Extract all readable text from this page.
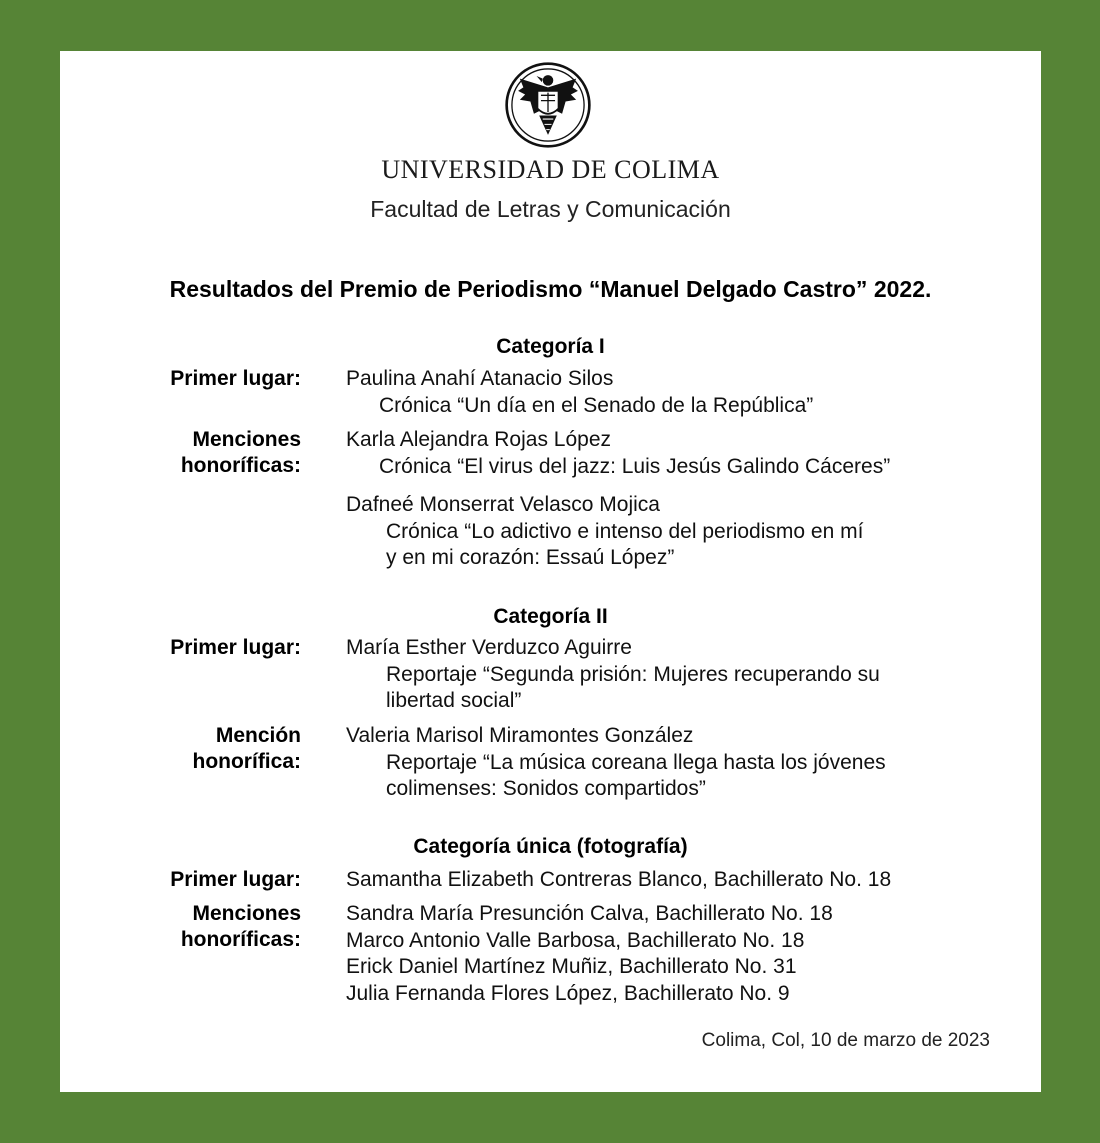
UNIVERSIDAD DE COLIMA
Facultad de Letras y Comunicación
Resultados del Premio de Periodismo “Manuel Delgado Castro” 2022.
Categoría I
Primer lugar: Paulina Anahí Atanacio Silos
Crónica “Un día en el Senado de la República”
Menciones
honoríficas:
Karla Alejandra Rojas López
Crónica “El virus del jazz: Luis Jesús Galindo Cáceres”
Dafneé Monserrat Velasco Mojica
Crónica “Lo adictivo e intenso del periodismo en mí
y en mi corazón: Essaú López”
Categoría II
Primer lugar: María Esther Verduzco Aguirre
Reportaje “Segunda prisión: Mujeres recuperando su
libertad social”
Mención
honorífica:
Valeria Marisol Miramontes González
Reportaje “La música coreana llega hasta los jóvenes
colimenses: Sonidos compartidos”
Categoría única (fotografía)
Primer lugar: Samantha Elizabeth Contreras Blanco, Bachillerato No. 18
Menciones
honoríficas:
Sandra María Presunción Calva, Bachillerato No. 18
Marco Antonio Valle Barbosa, Bachillerato No. 18
Erick Daniel Martínez Muñiz, Bachillerato No. 31
Julia Fernanda Flores López, Bachillerato No. 9
Colima, Col, 10 de marzo de 2023
